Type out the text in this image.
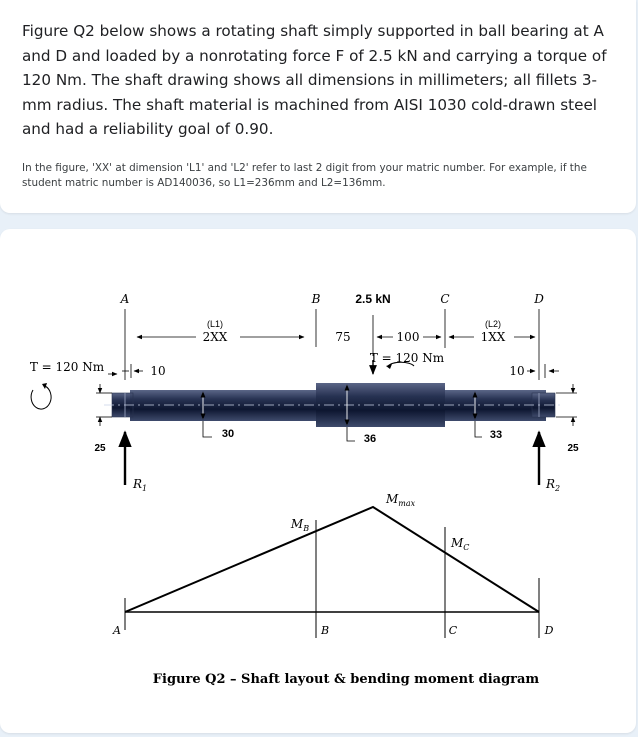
Figure Q2 below shows a rotating shaft simply supported in ball bearing at A and D and loaded by a nonrotating force F of 2.5 kN and carrying a torque of 120 Nm. The shaft drawing shows all dimensions in millimeters; all fillets 3-mm radius. The shaft material is machined from AISI 1030 cold-drawn steel and had a reliability goal of 0.90.

In the figure, 'XX' at dimension 'L1' and 'L2' refer to last 2 digit from your matric number. For example, if the student matric number is AD140036, so L1=236mm and L2=136mm.

A	B	2.5 kN	C	D
(L1)
2XX	75	100
(L2)
1XX
T = 120 Nm
T = 120 Nm	10	10
25	25
30	36	33
$R_1$	$R_2$
$M_B$
$M_{max}$
$M_C$
A	B	C	D
Figure Q2 – Shaft layout & bending moment diagram
